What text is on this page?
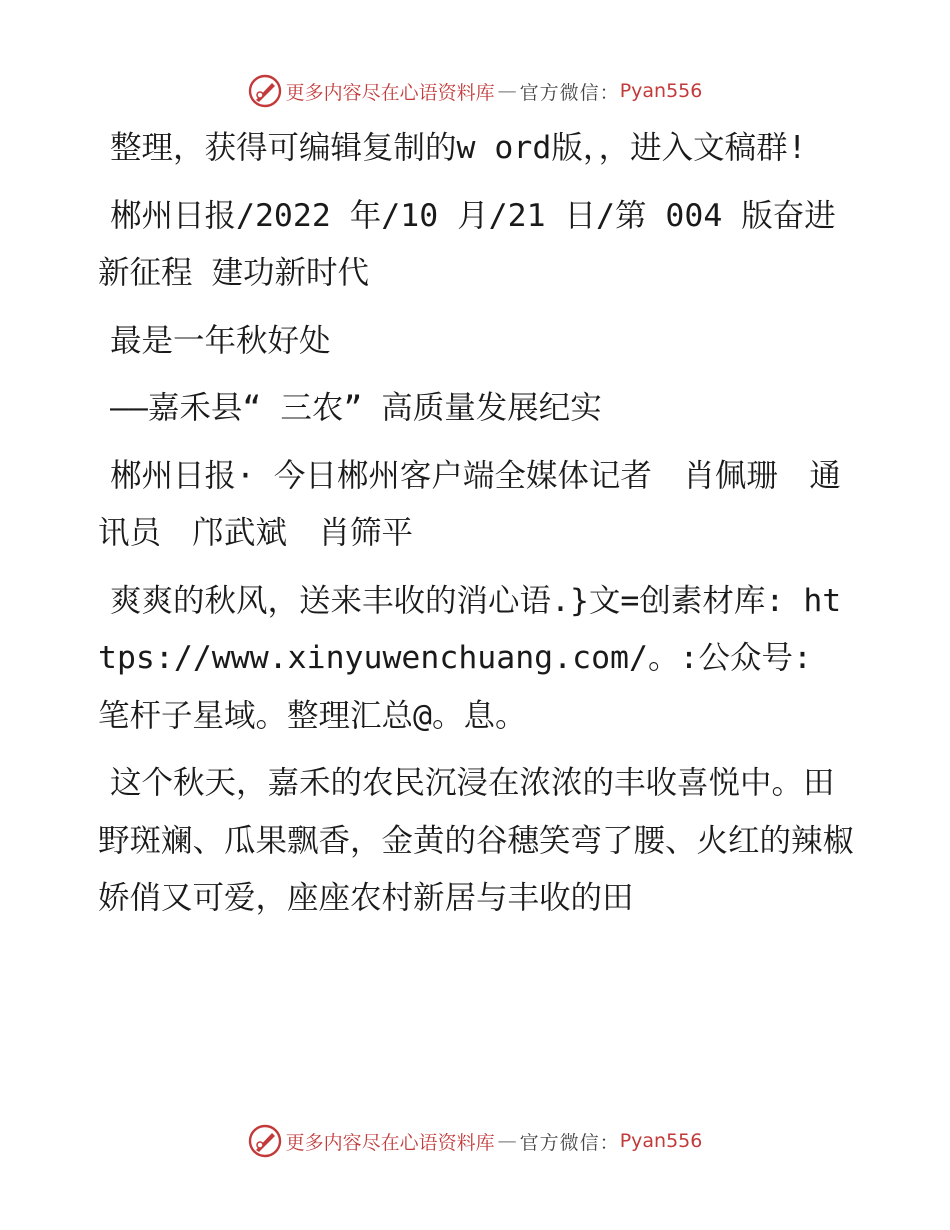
更多内容尽在心语资料库 — 官方微信： Pyan556

整理，获得可编辑复制的w ord版，，进入文稿群!

郴州日报/2022 年/10 月/21 日/第 004 版奋进新征程 建功新时代

最是一年秋好处

——嘉禾县“ 三农” 高质量发展纪实

郴州日报· 今日郴州客户端全媒体记者　肖佩珊　通讯员　邝武斌　肖筛平

爽爽的秋风，送来丰收的消心语.}文=创素材库: https://www.xinyuwenchuang.com/。:公众号: 笔杆子星域。整理汇总@。息。

这个秋天，嘉禾的农民沉浸在浓浓的丰收喜悦中。田野斑斓、瓜果飘香，金黄的谷穗笑弯了腰、火红的辣椒娇俏又可爱，座座农村新居与丰收的田

更多内容尽在心语资料库 — 官方微信： Pyan556
